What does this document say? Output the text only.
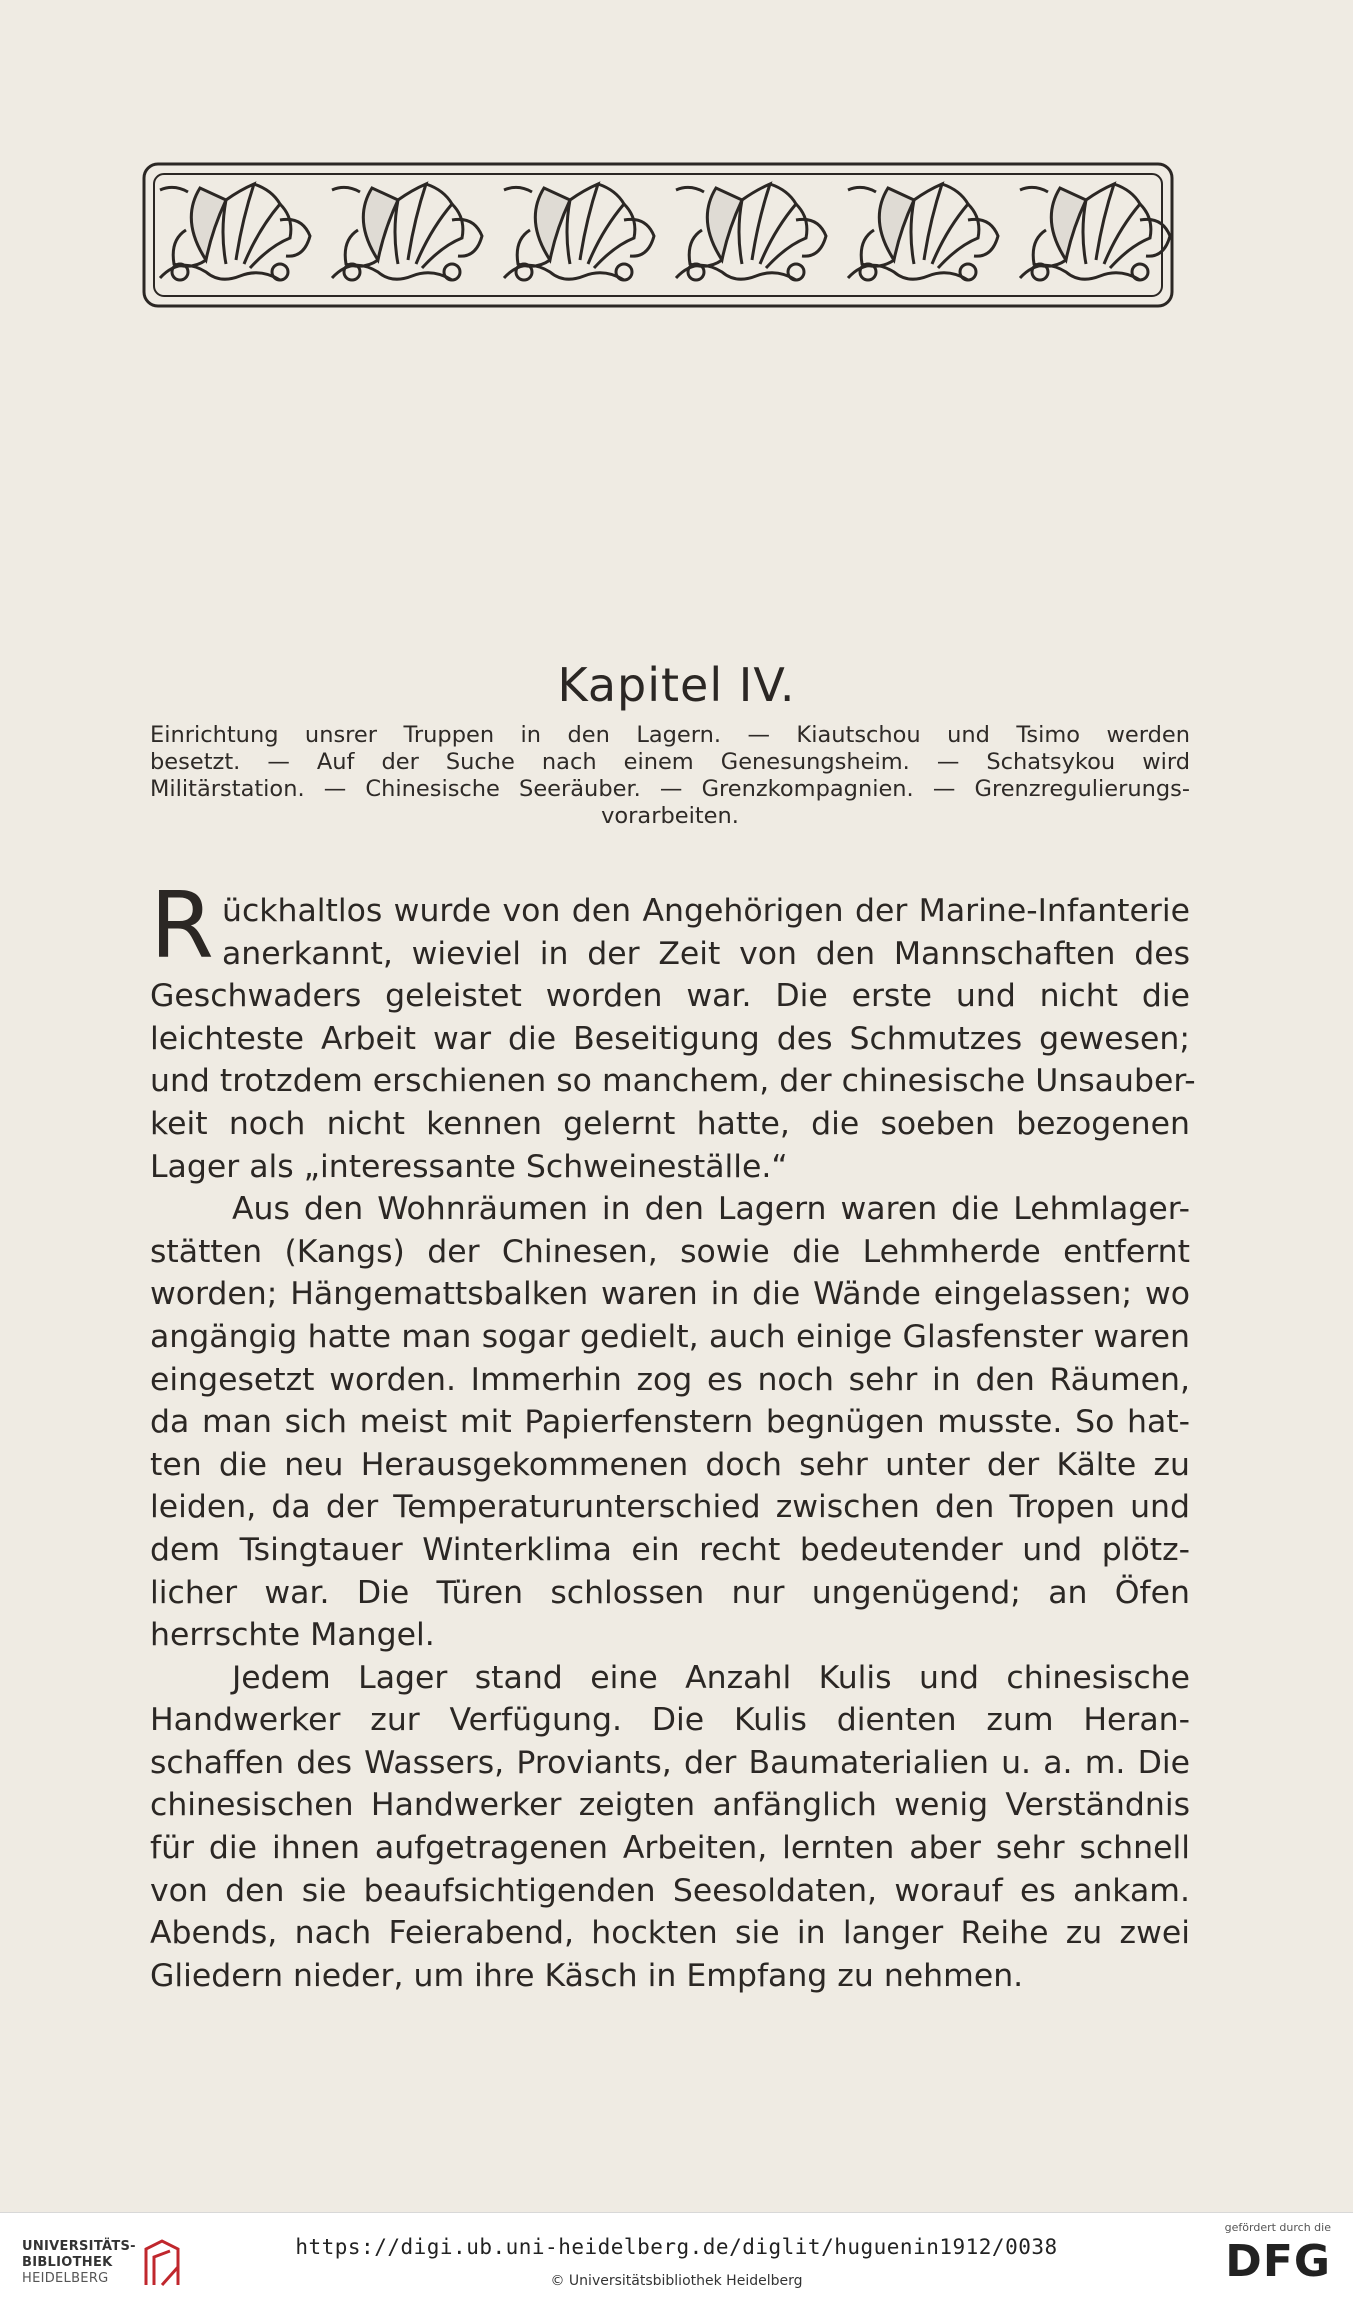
Kapitel IV.
Einrichtung unsrer Truppen in den Lagern. — Kiautschou und Tsimo werden
besetzt. — Auf der Suche nach einem Genesungsheim. — Schatsykou wird
Militärstation. — Chinesische Seeräuber. — Grenzkompagnien. — Grenzregulierungs-
vorarbeiten.
R ückhaltlos wurde von den Angehörigen der Marine-Infanterie
anerkannt, wieviel in der Zeit von den Mannschaften des
Geschwaders geleistet worden war. Die erste und nicht die
leichteste Arbeit war die Beseitigung des Schmutzes gewesen;
und trotzdem erschienen so manchem, der chinesische Unsauber-
keit noch nicht kennen gelernt hatte, die soeben bezogenen
Lager als „interessante Schweineställe.“
Aus den Wohnräumen in den Lagern waren die Lehmlager-
stätten (Kangs) der Chinesen, sowie die Lehmherde entfernt
worden; Hängemattsbalken waren in die Wände eingelassen; wo
angängig hatte man sogar gedielt, auch einige Glasfenster waren
eingesetzt worden. Immerhin zog es noch sehr in den Räumen,
da man sich meist mit Papierfenstern begnügen musste. So hat-
ten die neu Herausgekommenen doch sehr unter der Kälte zu
leiden, da der Temperaturunterschied zwischen den Tropen und
dem Tsingtauer Winterklima ein recht bedeutender und plötz-
licher war. Die Türen schlossen nur ungenügend; an Öfen
herrschte Mangel.
Jedem Lager stand eine Anzahl Kulis und chinesische
Handwerker zur Verfügung. Die Kulis dienten zum Heran-
schaffen des Wassers, Proviants, der Baumaterialien u. a. m. Die
chinesischen Handwerker zeigten anfänglich wenig Verständnis
für die ihnen aufgetragenen Arbeiten, lernten aber sehr schnell
von den sie beaufsichtigenden Seesoldaten, worauf es ankam.
Abends, nach Feierabend, hockten sie in langer Reihe zu zwei
Gliedern nieder, um ihre Käsch in Empfang zu nehmen.
UNIVERSITÄTS-
BIBLIOTHEK
HEIDELBERG
https://digi.ub.uni-heidelberg.de/diglit/huguenin1912/0038
© Universitätsbibliothek Heidelberg
gefördert durch die
DFG
